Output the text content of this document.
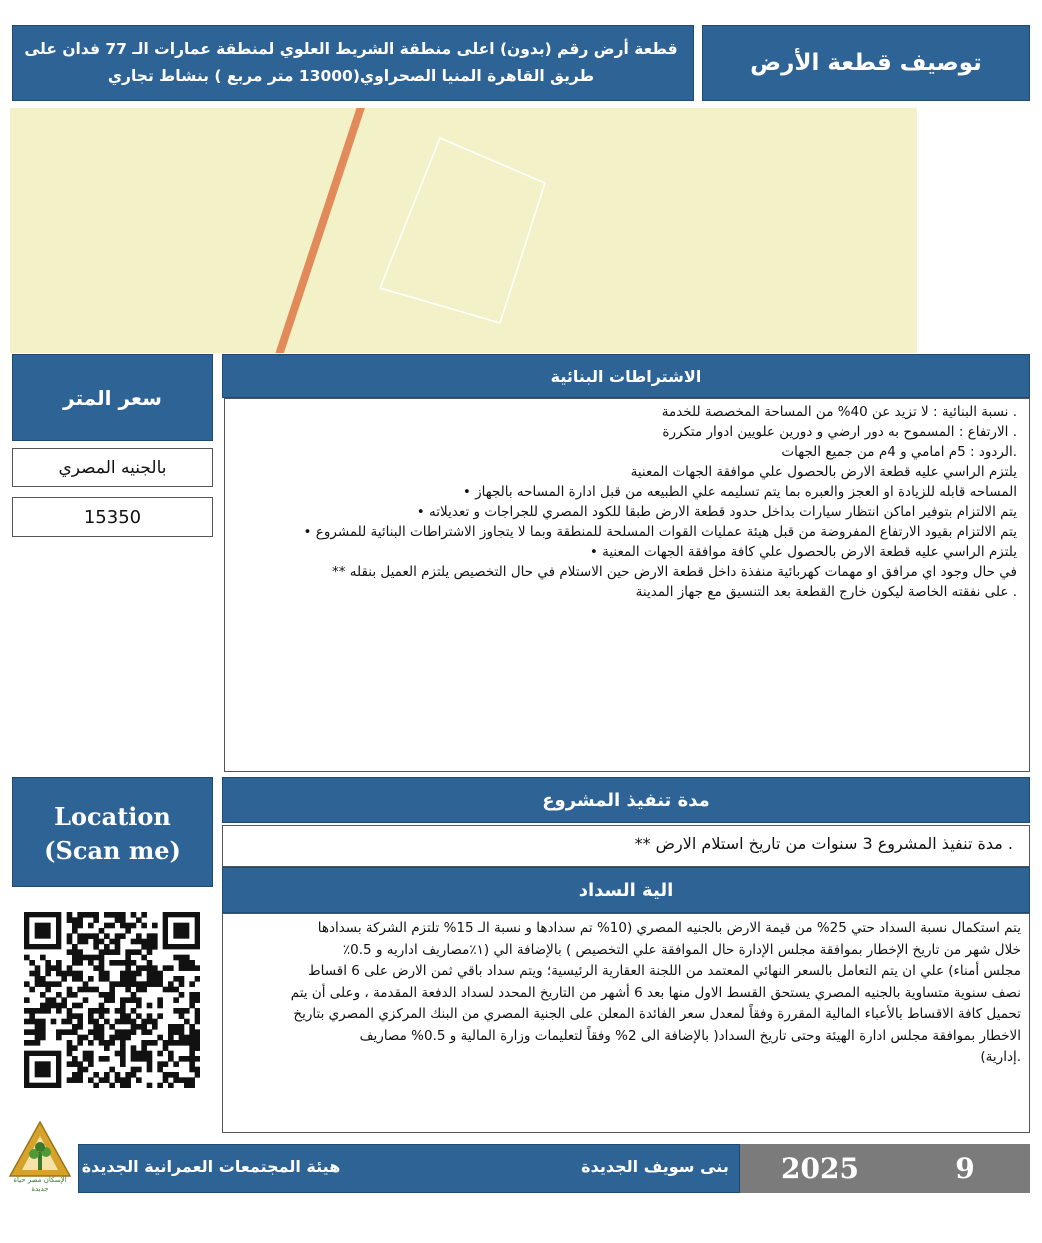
توصيف قطعة الأرض
قطعة أرض رقم (بدون) اعلى منطقة الشريط العلوي لمنطقة عمارات الـ 77 فدان على
طريق القاهرة المنيا الصحراوي(13000 متر مربع ) بنشاط تجاري
سعر المتر
بالجنيه المصري
15350
الاشتراطات البنائية
. نسبة البنائية : لا تزيد عن 40% من المساحة المخصصة للخدمة
. الارتفاع : المسموح به دور ارضي و دورين علويين ادوار متكررة
.الردود : 5م امامي و 4م من جميع الجهات
يلتزم الراسي عليه قطعة الارض بالحصول علي موافقة الجهات المعنية
المساحه قابله للزيادة او العجز والعبره بما يتم تسليمه علي الطبيعه من قبل ادارة المساحه بالجهاز •
يتم الالتزام بتوفير اماكن انتظار سيارات بداخل حدود قطعة الارض طبقا للكود المصري للجراجات و تعديلاته •
يتم الالتزام بقيود الارتفاع المفروضة من قبل هيئة عمليات القوات المسلحة للمنطقة وبما لا يتجاوز الاشتراطات البنائية للمشروع •
يلتزم الراسي عليه قطعة الارض بالحصول علي كافة موافقة الجهات المعنية •
في حال وجود اي مرافق او مهمات كهربائية منفذة داخل قطعة الارض حين الاستلام في حال التخصيص يلتزم العميل بنقله **
. على نفقته الخاصة ليكون خارج القطعة بعد التنسيق مع جهاز المدينة
Location
(Scan me)
مدة تنفيذ المشروع
. مدة تنفيذ المشروع 3 سنوات من تاريخ استلام الارض **
الية السداد
يتم استكمال نسبة السداد حتي 25% من قيمة الارض بالجنيه المصري (10% تم سدادها و نسبة الـ 15% تلتزم الشركة بسدادها
خلال شهر من تاريخ الإخطار بموافقة مجلس الإدارة حال الموافقة علي التخصيص ) بالإضافة الي (١٪مصاريف اداريه و 0.5٪
مجلس أمناء) علي ان يتم التعامل بالسعر النهائي المعتمد من اللجنة العقارية الرئيسية؛ ويتم سداد باقي ثمن الارض على 6 اقساط
نصف سنوية متساوية بالجنيه المصري يستحق القسط الاول منها بعد 6 أشهر من التاريخ المحدد لسداد الدفعة المقدمة ، وعلى أن يتم
تحميل كافة الاقساط بالأعباء المالية المقررة وفقاً لمعدل سعر الفائدة المعلن على الجنية المصري من البنك المركزي المصري بتاريخ
الاخطار بموافقة مجلس ادارة الهيئة وحتى تاريخ السداد( بالإضافة الى 2% وفقاً لتعليمات وزارة المالية و 0.5% مصاريف
.إدارية)
الإسكان مصر حياة جديدة
هيئة المجتمعات العمرانية الجديدة	بنى سويف الجديدة	2025	9
